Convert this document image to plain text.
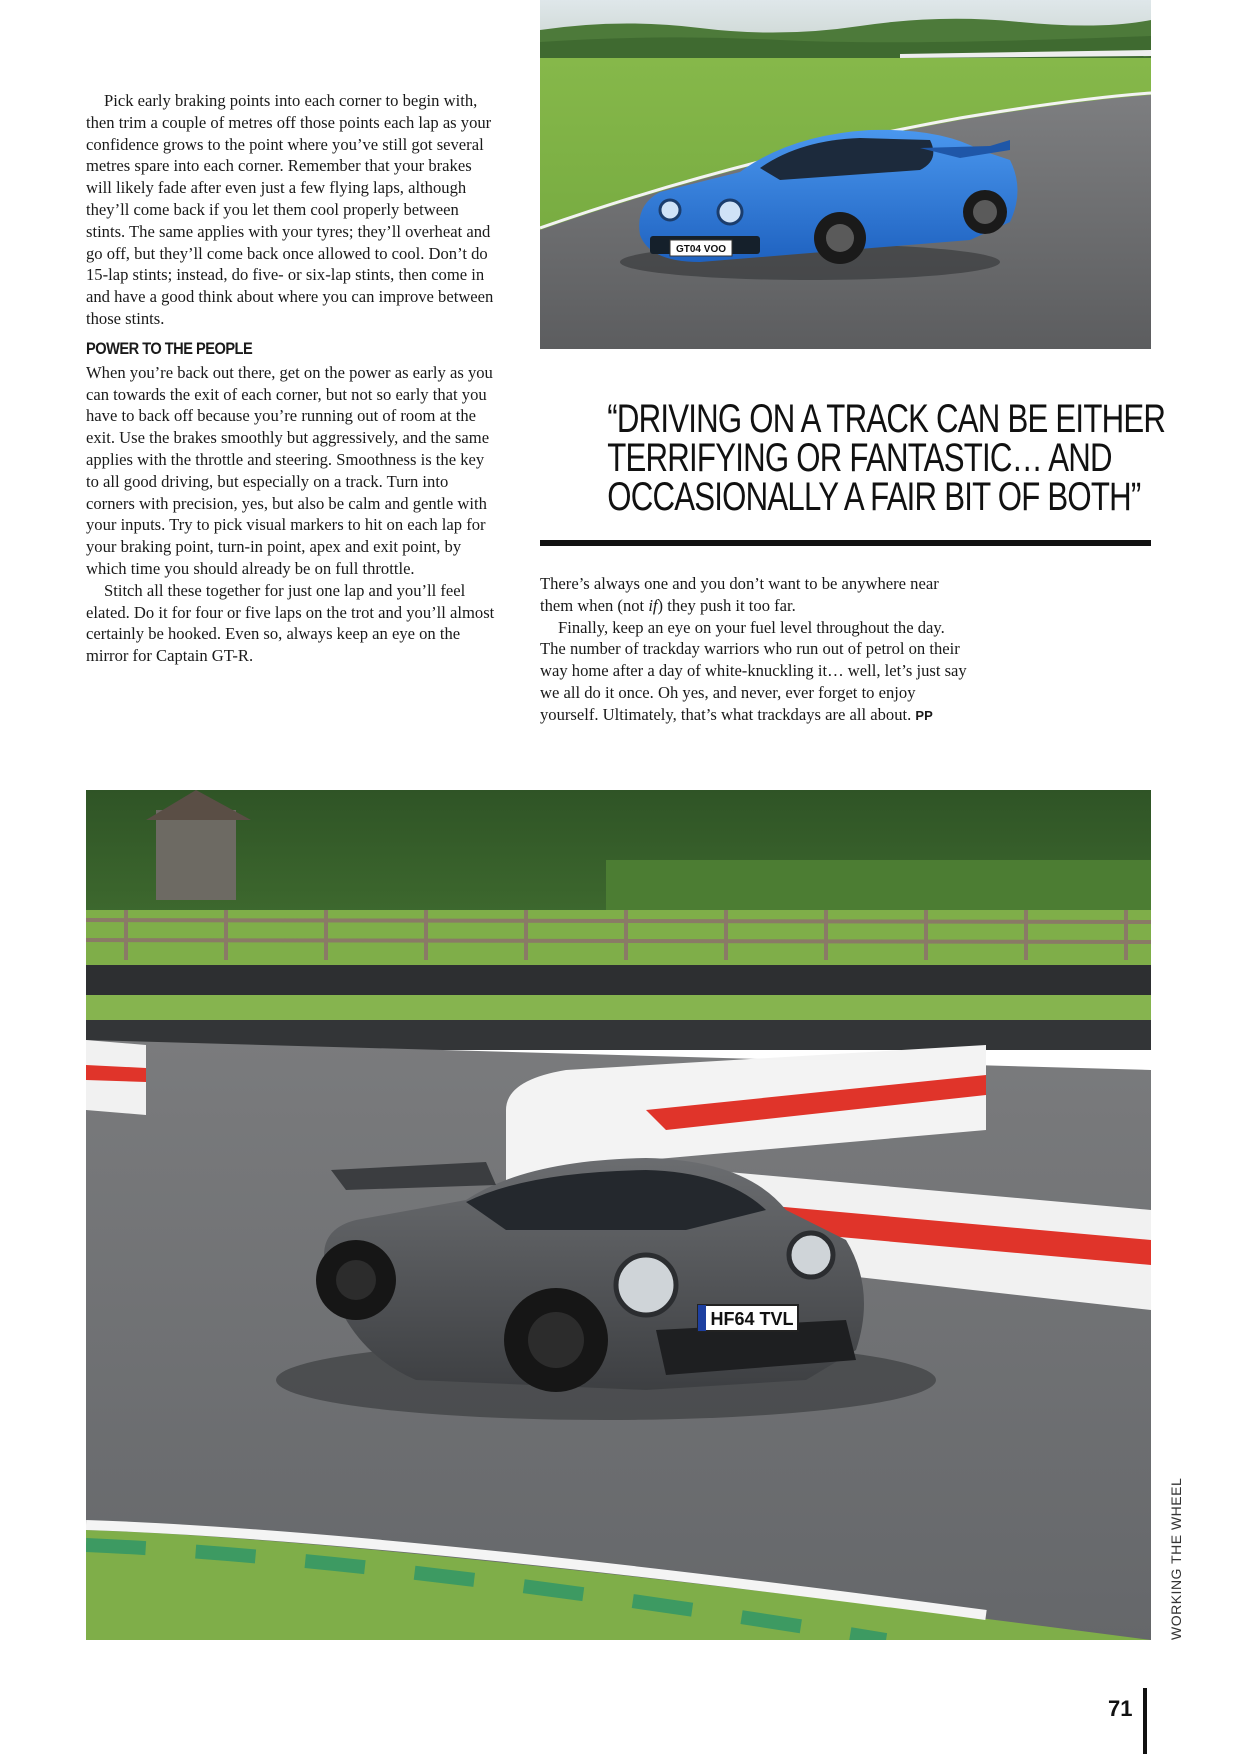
Pick early braking points into each corner to begin with, then trim a couple of metres off those points each lap as your confidence grows to the point where you’ve still got several metres spare into each corner. Remember that your brakes will likely fade after even just a few flying laps, although they’ll come back if you let them cool properly between stints. The same applies with your tyres; they’ll overheat and go off, but they’ll come back once allowed to cool. Don’t do 15-lap stints; instead, do five- or six-lap stints, then come in and have a good think about where you can improve between those stints.

POWER TO THE PEOPLE

When you’re back out there, get on the power as early as you can towards the exit of each corner, but not so early that you have to back off because you’re running out of room at the exit. Use the brakes smoothly but aggressively, and the same applies with the throttle and steering. Smoothness is the key to all good driving, but especially on a track. Turn into corners with precision, yes, but also be calm and gentle with your inputs. Try to pick visual markers to hit on each lap for your braking point, turn-in point, apex and exit point, by which time you should already be on full throttle.

Stitch all these together for just one lap and you’ll feel elated. Do it for four or five laps on the trot and you’ll almost certainly be hooked. Even so, always keep an eye on the mirror for Captain GT-R.

GT04 VOO
“DRIVING ON A TRACK CAN BE EITHER
TERRIFYING OR FANTASTIC… AND
OCCASIONALLY A FAIR BIT OF BOTH”

There’s always one and you don’t want to be anywhere near them when (not if) they push it too far.

Finally, keep an eye on your fuel level throughout the day. The number of trackday warriors who run out of petrol on their way home after a day of white-knuckling it… well, let’s just say we all do it once. Oh yes, and never, ever forget to enjoy yourself. Ultimately, that’s what trackdays are all about. PP

HF64 TVL
WORKING THE WHEEL
71
